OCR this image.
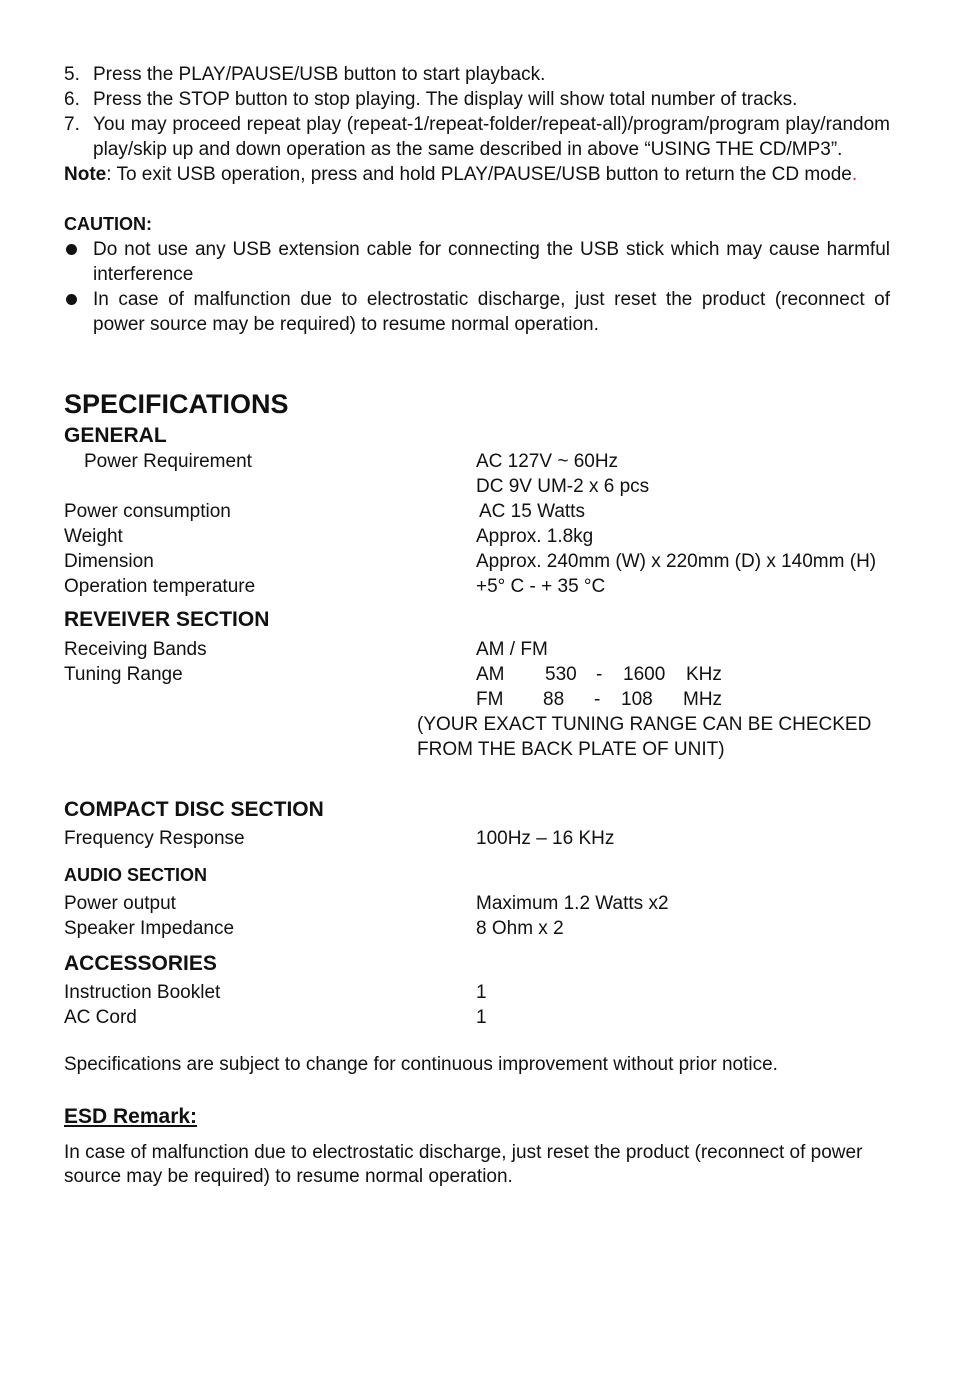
5. Press the PLAY/PAUSE/USB button to start playback.
6. Press the STOP button to stop playing. The display will show total number of tracks.
7. You may proceed repeat play (repeat-1/repeat-folder/repeat-all)/program/program play/random play/skip up and down operation as the same described in above “USING THE CD/MP3”.
Note: To exit USB operation, press and hold PLAY/PAUSE/USB button to return the CD mode.
CAUTION:
Do not use any USB extension cable for connecting the USB stick which may cause harmful interference
In case of malfunction due to electrostatic discharge, just reset the product (reconnect of power source may be required) to resume normal operation.
SPECIFICATIONS
GENERAL
Power Requirement	AC 127V ~ 60Hz
DC 9V UM-2 x 6 pcs
Power consumption	AC 15 Watts
Weight	Approx. 1.8kg
Dimension	Approx. 240mm (W) x 220mm (D) x 140mm (H)
Operation temperature	+5° C - + 35 °C
REVEIVER SECTION
Receiving Bands	AM / FM
Tuning Range	AM 530 - 1600 KHz
FM 88 - 108 MHz
(YOUR EXACT TUNING RANGE CAN BE CHECKED
FROM THE BACK PLATE OF UNIT)
COMPACT DISC SECTION
Frequency Response	100Hz – 16 KHz
AUDIO SECTION
Power output	Maximum 1.2 Watts x2
Speaker Impedance	8 Ohm x 2
ACCESSORIES
Instruction Booklet	1
AC Cord	1
Specifications are subject to change for continuous improvement without prior notice.
ESD Remark:
In case of malfunction due to electrostatic discharge, just reset the product (reconnect of power source may be required) to resume normal operation.
